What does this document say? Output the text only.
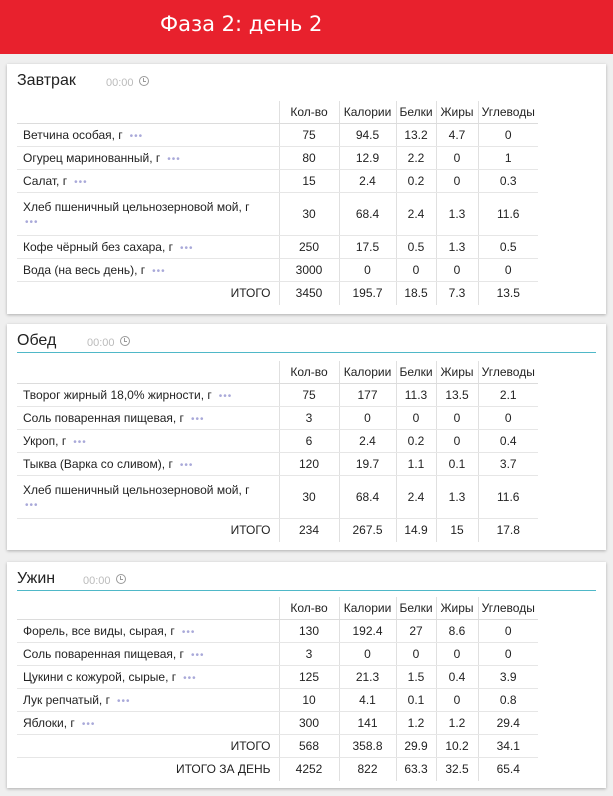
Фаза 2: день 2
Завтрак	00:00
	Кол-во	Калории	Белки	Жиры	Углеводы
Ветчина особая, г •••	75	94.5	13.2	4.7	0
Огурец маринованный, г •••	80	12.9	2.2	0	1
Салат, г •••	15	2.4	0.2	0	0.3
Хлеб пшеничный цельнозерновой мой, г
•••	30	68.4	2.4	1.3	11.6
Кофе чёрный без сахара, г •••	250	17.5	0.5	1.3	0.5
Вода (на весь день), г •••	3000	0	0	0	0
ИТОГО	3450	195.7	18.5	7.3	13.5
Обед	00:00
	Кол-во	Калории	Белки	Жиры	Углеводы
Творог жирный 18,0% жирности, г •••	75	177	11.3	13.5	2.1
Соль поваренная пищевая, г •••	3	0	0	0	0
Укроп, г •••	6	2.4	0.2	0	0.4
Тыква (Варка со сливом), г •••	120	19.7	1.1	0.1	3.7
Хлеб пшеничный цельнозерновой мой, г
•••	30	68.4	2.4	1.3	11.6
ИТОГО	234	267.5	14.9	15	17.8
Ужин	00:00
	Кол-во	Калории	Белки	Жиры	Углеводы
Форель, все виды, сырая, г •••	130	192.4	27	8.6	0
Соль поваренная пищевая, г •••	3	0	0	0	0
Цукини с кожурой, сырые, г •••	125	21.3	1.5	0.4	3.9
Лук репчатый, г •••	10	4.1	0.1	0	0.8
Яблоки, г •••	300	141	1.2	1.2	29.4
ИТОГО	568	358.8	29.9	10.2	34.1
ИТОГО ЗА ДЕНЬ	4252	822	63.3	32.5	65.4
